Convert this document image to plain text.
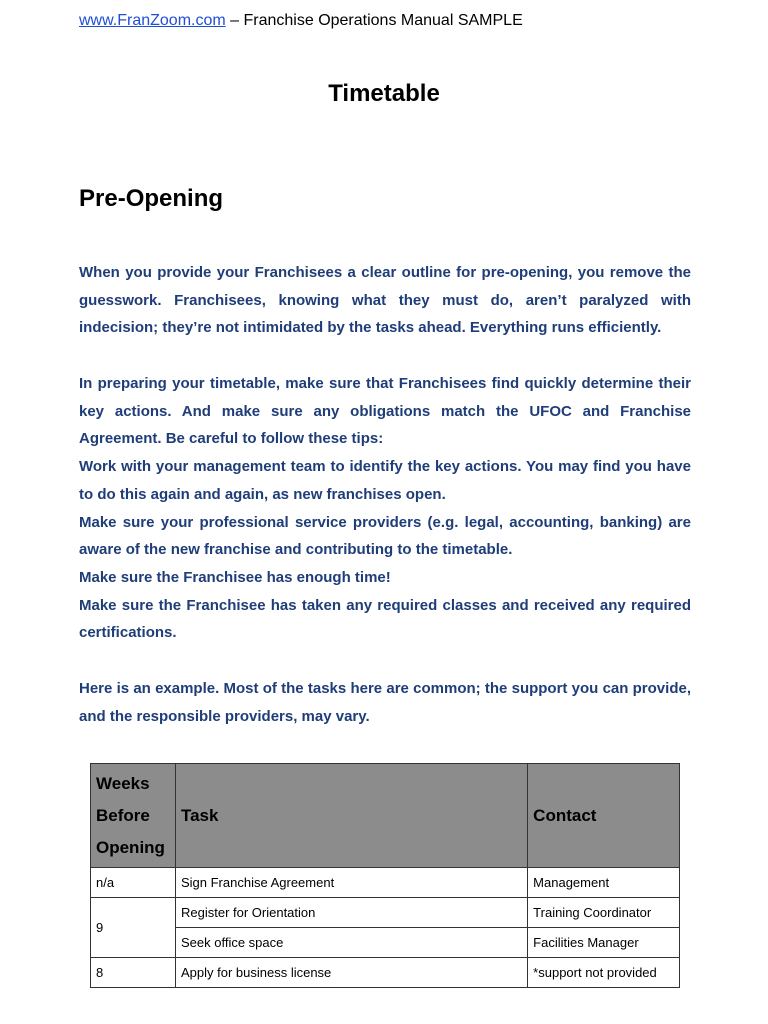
www.FranZoom.com – Franchise Operations Manual SAMPLE
Timetable
Pre-Opening

When you provide your Franchisees a clear outline for pre-opening, you remove the guesswork. Franchisees, knowing what they must do, aren’t paralyzed with indecision; they’re not intimidated by the tasks ahead. Everything runs efficiently.

In preparing your timetable, make sure that Franchisees find quickly determine their key actions. And make sure any obligations match the UFOC and Franchise Agreement. Be careful to follow these tips:

Work with your management team to identify the key actions. You may find you have to do this again and again, as new franchises open.

Make sure your professional service providers (e.g. legal, accounting, banking) are aware of the new franchise and contributing to the timetable.

Make sure the Franchisee has enough time!

Make sure the Franchisee has taken any required classes and received any required certifications.

Here is an example. Most of the tasks here are common; the support you can provide, and the responsible providers, may vary.

Weeks
Before
Opening	Task	Contact
n/a	Sign Franchise Agreement	Management
9	Register for Orientation	Training Coordinator
	Seek office space	Facilities Manager
8	Apply for business license	*support not provided
